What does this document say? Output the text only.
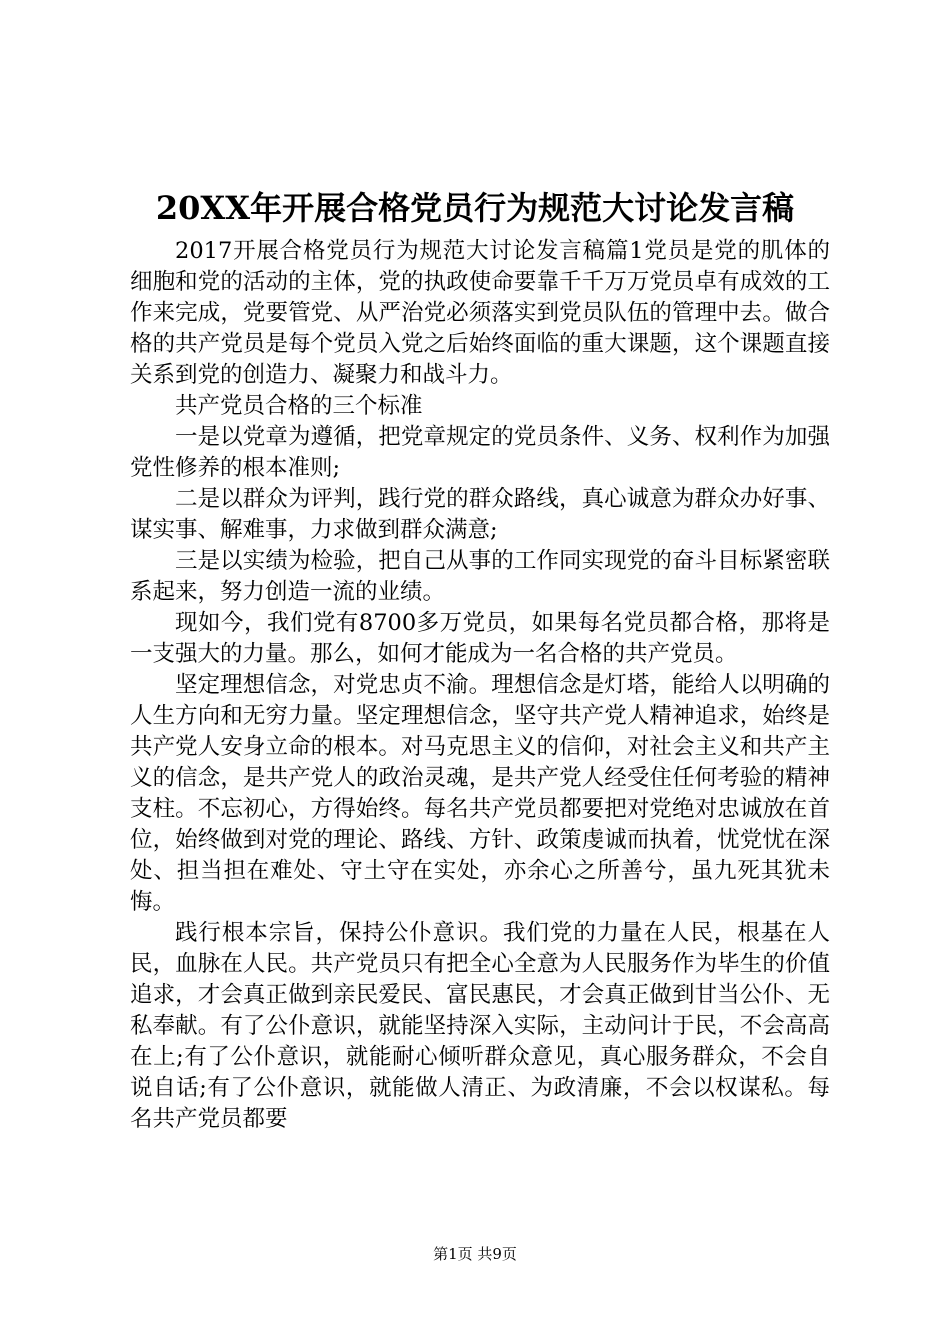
20XX年开展合格党员行为规范大讨论发言稿

2017开展合格党员行为规范大讨论发言稿篇1党员是党的肌体的细胞和党的活动的主体，党的执政使命要靠千千万万党员卓有成效的工作来完成，党要管党、从严治党必须落实到党员队伍的管理中去。做合格的共产党员是每个党员入党之后始终面临的重大课题，这个课题直接关系到党的创造力、凝聚力和战斗力。

共产党员合格的三个标准

一是以党章为遵循，把党章规定的党员条件、义务、权利作为加强党性修养的根本准则;

二是以群众为评判，践行党的群众路线，真心诚意为群众办好事、谋实事、解难事，力求做到群众满意;

三是以实绩为检验，把自己从事的工作同实现党的奋斗目标紧密联系起来，努力创造一流的业绩。

现如今，我们党有8700多万党员，如果每名党员都合格，那将是一支强大的力量。那么，如何才能成为一名合格的共产党员。

坚定理想信念，对党忠贞不渝。理想信念是灯塔，能给人以明确的人生方向和无穷力量。坚定理想信念，坚守共产党人精神追求，始终是共产党人安身立命的根本。对马克思主义的信仰，对社会主义和共产主义的信念，是共产党人的政治灵魂，是共产党人经受住任何考验的精神支柱。不忘初心，方得始终。每名共产党员都要把对党绝对忠诚放在首位，始终做到对党的理论、路线、方针、政策虔诚而执着，忧党忧在深处、担当担在难处、守土守在实处，亦余心之所善兮，虽九死其犹未悔。

践行根本宗旨，保持公仆意识。我们党的力量在人民，根基在人民，血脉在人民。共产党员只有把全心全意为人民服务作为毕生的价值追求，才会真正做到亲民爱民、富民惠民，才会真正做到甘当公仆、无私奉献。有了公仆意识，就能坚持深入实际，主动问计于民，不会高高在上;有了公仆意识，就能耐心倾听群众意见，真心服务群众，不会自说自话;有了公仆意识，就能做人清正、为政清廉，不会以权谋私。每名共产党员都要

第1页 共9页
